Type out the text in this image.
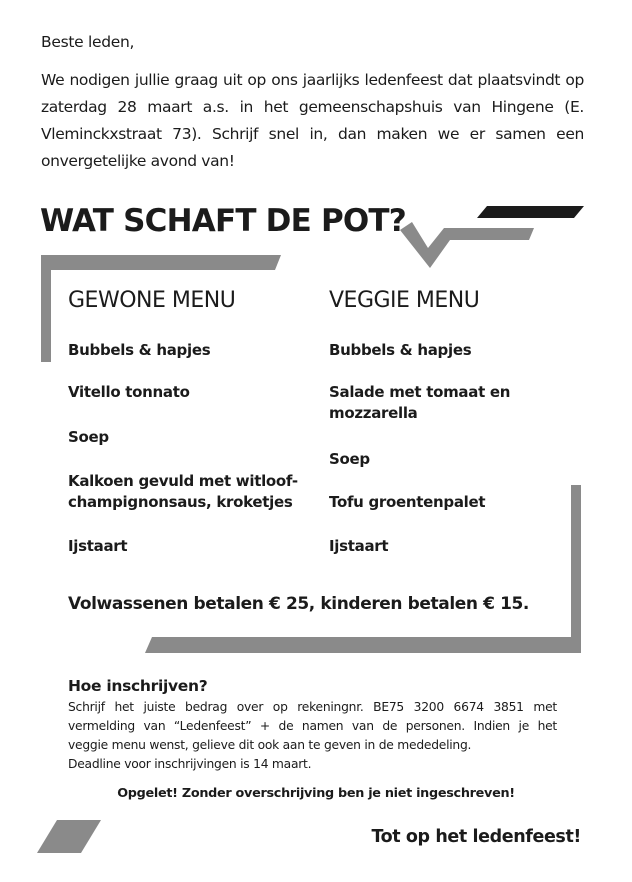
Beste leden,
We nodigen jullie graag uit op ons jaarlijks ledenfeest dat plaatsvindt op zaterdag 28 maart a.s. in het gemeenschapshuis van Hingene (E. Vleminckxstraat 73). Schrijf snel in, dan maken we er samen een onvergetelijke avond van!
WAT SCHAFT DE POT?
GEWONE MENU
Bubbels & hapjes
Vitello tonnato
Soep
Kalkoen gevuld met witloof-champignonsaus, kroketjes
Ijstaart
VEGGIE MENU
Bubbels & hapjes
Salade met tomaat en mozzarella
Soep
Tofu groentenpalet
Ijstaart
Volwassenen betalen € 25, kinderen betalen € 15.
Hoe inschrijven?
Schrijf het juiste bedrag over op rekeningnr. BE75 3200 6674 3851 met
vermelding van “Ledenfeest” + de namen van de personen. Indien je het
veggie menu wenst, gelieve dit ook aan te geven in de mededeling.
Deadline voor inschrijvingen is 14 maart.
Opgelet! Zonder overschrijving ben je niet ingeschreven!
Tot op het ledenfeest!
